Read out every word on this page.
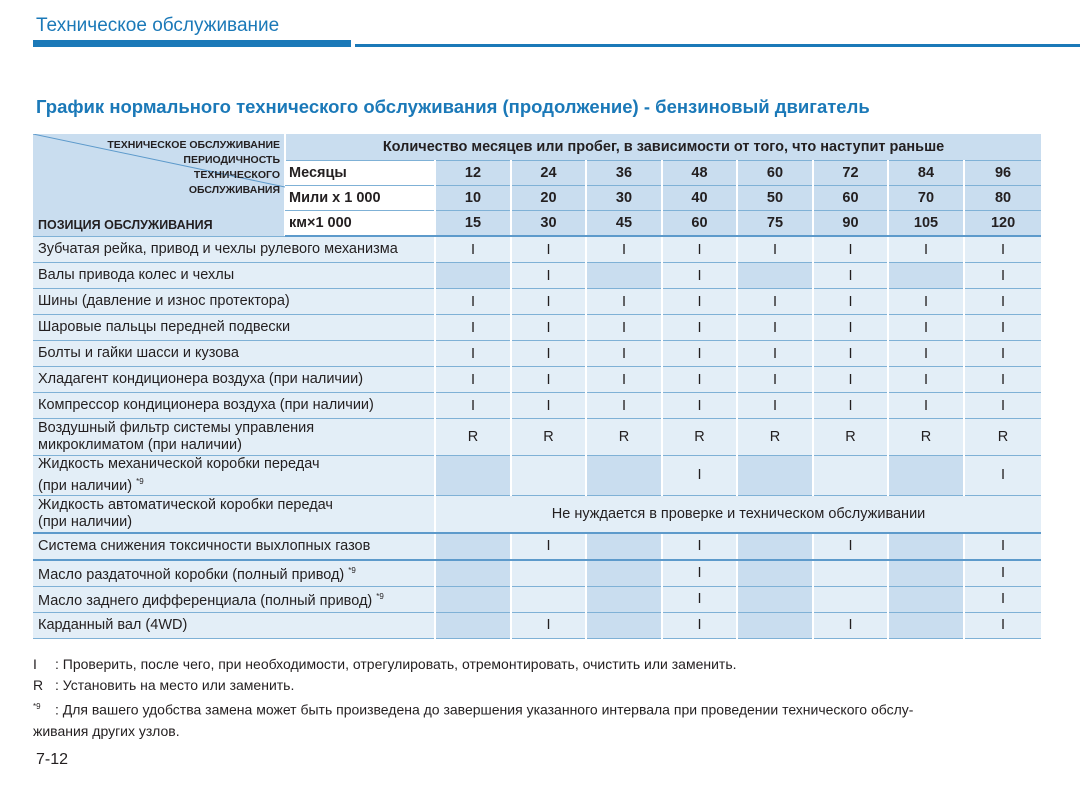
Техническое обслуживание
График нормального технического обслуживания (продолжение) - бензиновый двигатель
ТЕХНИЧЕСКОЕ ОБСЛУЖИВАНИЕ
ПЕРИОДИЧНОСТЬ
ТЕХНИЧЕСКОГО
ОБСЛУЖИВАНИЯ
ПОЗИЦИЯ ОБСЛУЖИВАНИЯ	Количество месяцев или пробег, в зависимости от того, что наступит раньше								
	Месяцы	12	24	36	48	60	72	84	96
	Мили x 1 000	10	20	30	40	50	60	70	80
	км×1 000	15	30	45	60	75	90	105	120
Зубчатая рейка, привод и чехлы рулевого механизма		I	I	I	I	I	I	I	I
Валы привода колес и чехлы			I		I		I		I
Шины (давление и износ протектора)		I	I	I	I	I	I	I	I
Шаровые пальцы передней подвески		I	I	I	I	I	I	I	I
Болты и гайки шасси и кузова		I	I	I	I	I	I	I	I
Хладагент кондиционера воздуха (при наличии)		I	I	I	I	I	I	I	I
Компрессор кондиционера воздуха (при наличии)		I	I	I	I	I	I	I	I

Воздушный фильтр системы управления
микроклиматом (при наличии)		R	R	R	R	R	R	R	R

Жидкость механической коробки передач
(при наличии) $^{*9}$					I				I

Жидкость автоматической коробки передач
(при наличии)		Не нуждается в проверке и техническом обслуживании							
Система снижения токсичности выхлопных газов			I		I		I		I
Масло раздаточной коробки (полный привод) $^{*9}$					I				I
Масло заднего дифференциала (полный привод) $^{*9}$					I				I
Карданный вал (4WD)			I		I		I		I
I : Проверить, после чего, при необходимости, отрегулировать, отремонтировать, очистить или заменить.
R : Установить на место или заменить.
$^{*9}$ : Для вашего удобства замена может быть произведена до завершения указанного интервала при проведении технического обслу-
живания других узлов.
7-12
